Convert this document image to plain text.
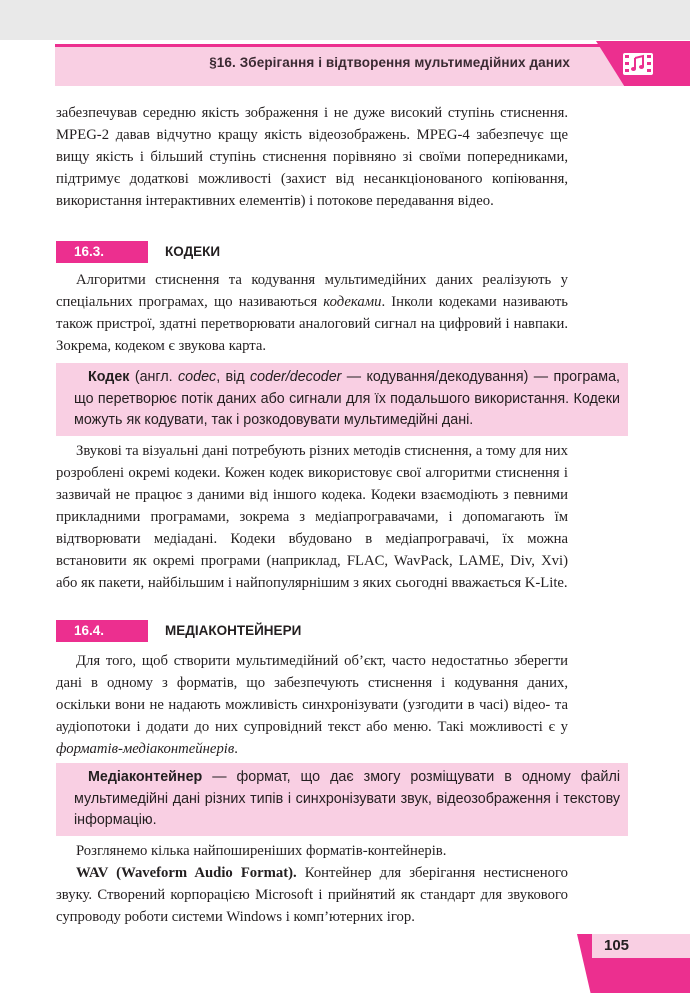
§16. Зберігання і відтворення мультимедійних даних

забезпечував середню якість зображення і не дуже високий ступінь стиснення. MPEG-2 давав відчутно кращу якість відеозображень. MPEG-4 забезпечує ще вищу якість і більший ступінь стиснення порівняно зі своїми попередниками, підтримує додаткові можливості (захист від несанкціонованого копіювання, використання інтерактивних елементів) і потокове передавання відео.

16.3.	КОДЕКИ

Алгоритми стиснення та кодування мультимедійних даних реалізують у спеціальних програмах, що називаються кодеками. Інколи кодеками називають також пристрої, здатні перетворювати аналоговий сигнал на цифровий і навпаки. Зокрема, кодеком є звукова карта.

Кодек (англ. codec, від coder/decoder — кодування/декодування) — програма, що перетворює потік даних або сигнали для їх подальшого використання. Кодеки можуть як кодувати, так і розкодовувати мультимедійні дані.

Звукові та візуальні дані потребують різних методів стиснення, а тому для них розроблені окремі кодеки. Кожен кодек використовує свої алгоритми стиснення і зазвичай не працює з даними від іншого кодека. Кодеки взаємодіють з певними прикладними програмами, зокрема з медіапрогравачами, і допомагають їм відтворювати медіадані. Кодеки вбудовано в медіапрогравачі, їх можна встановити як окремі програми (наприклад, FLAC, WavPack, LAME, Div, Xvi) або як пакети, найбільшим і найпопулярнішим з яких сьогодні вважається K-Lite.

16.4.	МЕДІАКОНТЕЙНЕРИ

Для того, щоб створити мультимедійний об’єкт, часто недостатньо зберегти дані в одному з форматів, що забезпечують стиснення і кодування даних, оскільки вони не надають можливість синхронізувати (узгодити в часі) відео- та аудіопотоки і додати до них супровідний текст або меню. Такі можливості є у форматів-медіаконтейнерів.

Медіаконтейнер — формат, що дає змогу розміщувати в одному файлі мультимедійні дані різних типів і синхронізувати звук, відеозображення і текстову інформацію.

Розглянемо кілька найпоширеніших форматів-контейнерів.

WAV (Waveform Audio Format). Контейнер для зберігання нестисненого звуку. Створений корпорацією Microsoft і прийнятий як стандарт для звукового супроводу роботи системи Windows і комп’ютерних ігор.

105
